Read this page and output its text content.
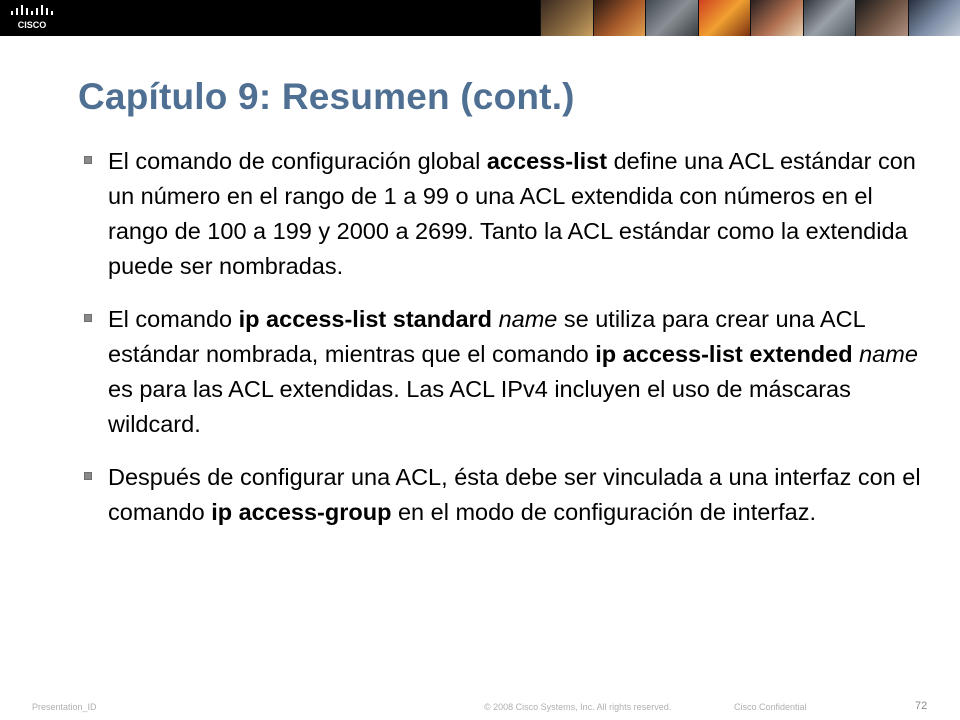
CISCO
Capítulo 9: Resumen (cont.)
El comando de configuración global access-list define una ACL estándar con un número en el rango de 1 a 99 o una ACL extendida con números en el rango de 100 a 199 y 2000 a 2699. Tanto la ACL estándar como la extendida puede ser nombradas.
El comando ip access-list standard name se utiliza para crear una ACL estándar nombrada, mientras que el comando ip access-list extended name es para las ACL extendidas. Las ACL IPv4 incluyen el uso de máscaras wildcard.
Después de configurar una ACL, ésta debe ser vinculada a una interfaz con el comando ip access-group en el modo de configuración de interfaz.
Presentation_ID	© 2008 Cisco Systems, Inc. All rights reserved.	Cisco Confidential	72
